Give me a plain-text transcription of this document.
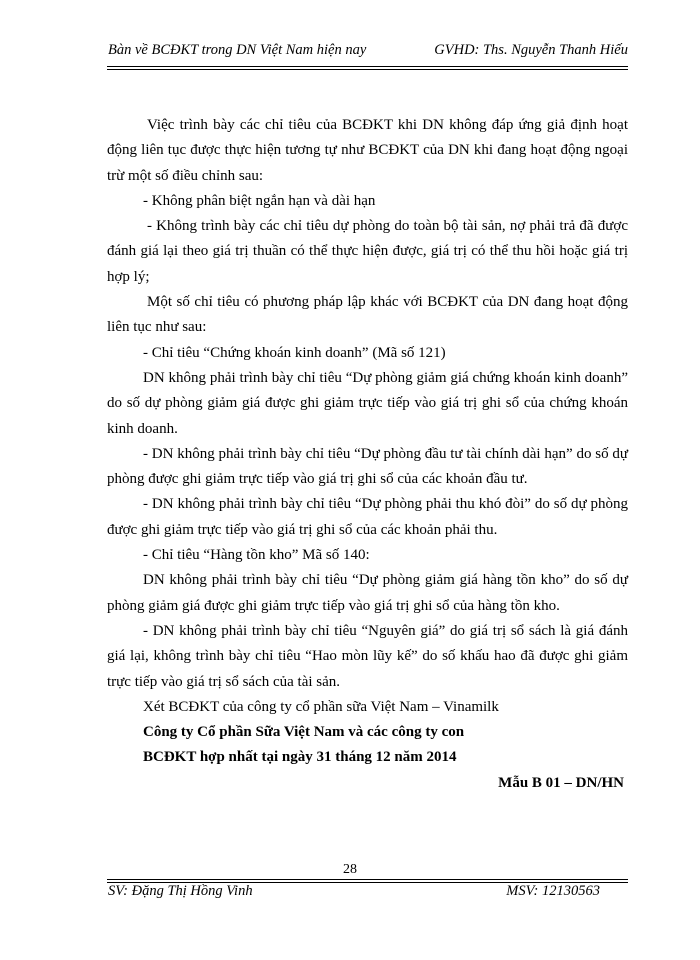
Bàn về BCĐKT trong DN Việt Nam hiện nay	GVHD: Ths. Nguyễn Thanh Hiếu

Việc trình bày các chỉ tiêu của BCĐKT khi DN không đáp ứng giả định hoạt động liên tục được thực hiện tương tự như BCĐKT của DN khi đang hoạt động ngoại trừ một số điều chỉnh sau:

- Không phân biệt ngắn hạn và dài hạn

- Không trình bày các chỉ tiêu dự phòng do toàn bộ tài sản, nợ phải trả đã được đánh giá lại theo giá trị thuần có thể thực hiện được, giá trị có thể thu hồi hoặc giá trị hợp lý;

Một số chỉ tiêu có phương pháp lập khác với BCĐKT của DN đang hoạt động liên tục như sau:

- Chỉ tiêu “Chứng khoán kinh doanh” (Mã số 121)

DN không phải trình bày chỉ tiêu “Dự phòng giảm giá chứng khoán kinh doanh” do số dự phòng giảm giá được ghi giảm trực tiếp vào giá trị ghi sổ của chứng khoán kinh doanh.

- DN không phải trình bày chỉ tiêu “Dự phòng đầu tư tài chính dài hạn” do số dự phòng được ghi giảm trực tiếp vào giá trị ghi sổ của các khoản đầu tư.

- DN không phải trình bày chỉ tiêu “Dự phòng phải thu khó đòi” do số dự phòng được ghi giảm trực tiếp vào giá trị ghi sổ của các khoản phải thu.

- Chỉ tiêu “Hàng tồn kho” Mã số 140:

DN không phải trình bày chỉ tiêu “Dự phòng giảm giá hàng tồn kho” do số dự phòng giảm giá được ghi giảm trực tiếp vào giá trị ghi sổ của hàng tồn kho.

- DN không phải trình bày chỉ tiêu “Nguyên giá” do giá trị sổ sách là giá đánh giá lại, không trình bày chỉ tiêu “Hao mòn lũy kế” do số khấu hao đã được ghi giảm trực tiếp vào giá trị sổ sách của tài sản.

Xét BCĐKT của công ty cổ phần sữa Việt Nam – Vinamilk

Công ty Cổ phần Sữa Việt Nam và các công ty con

BCĐKT hợp nhất tại ngày 31 tháng 12 năm 2014

Mẫu B 01 – DN/HN

28
SV: Đặng Thị Hồng Vinh	MSV: 12130563
